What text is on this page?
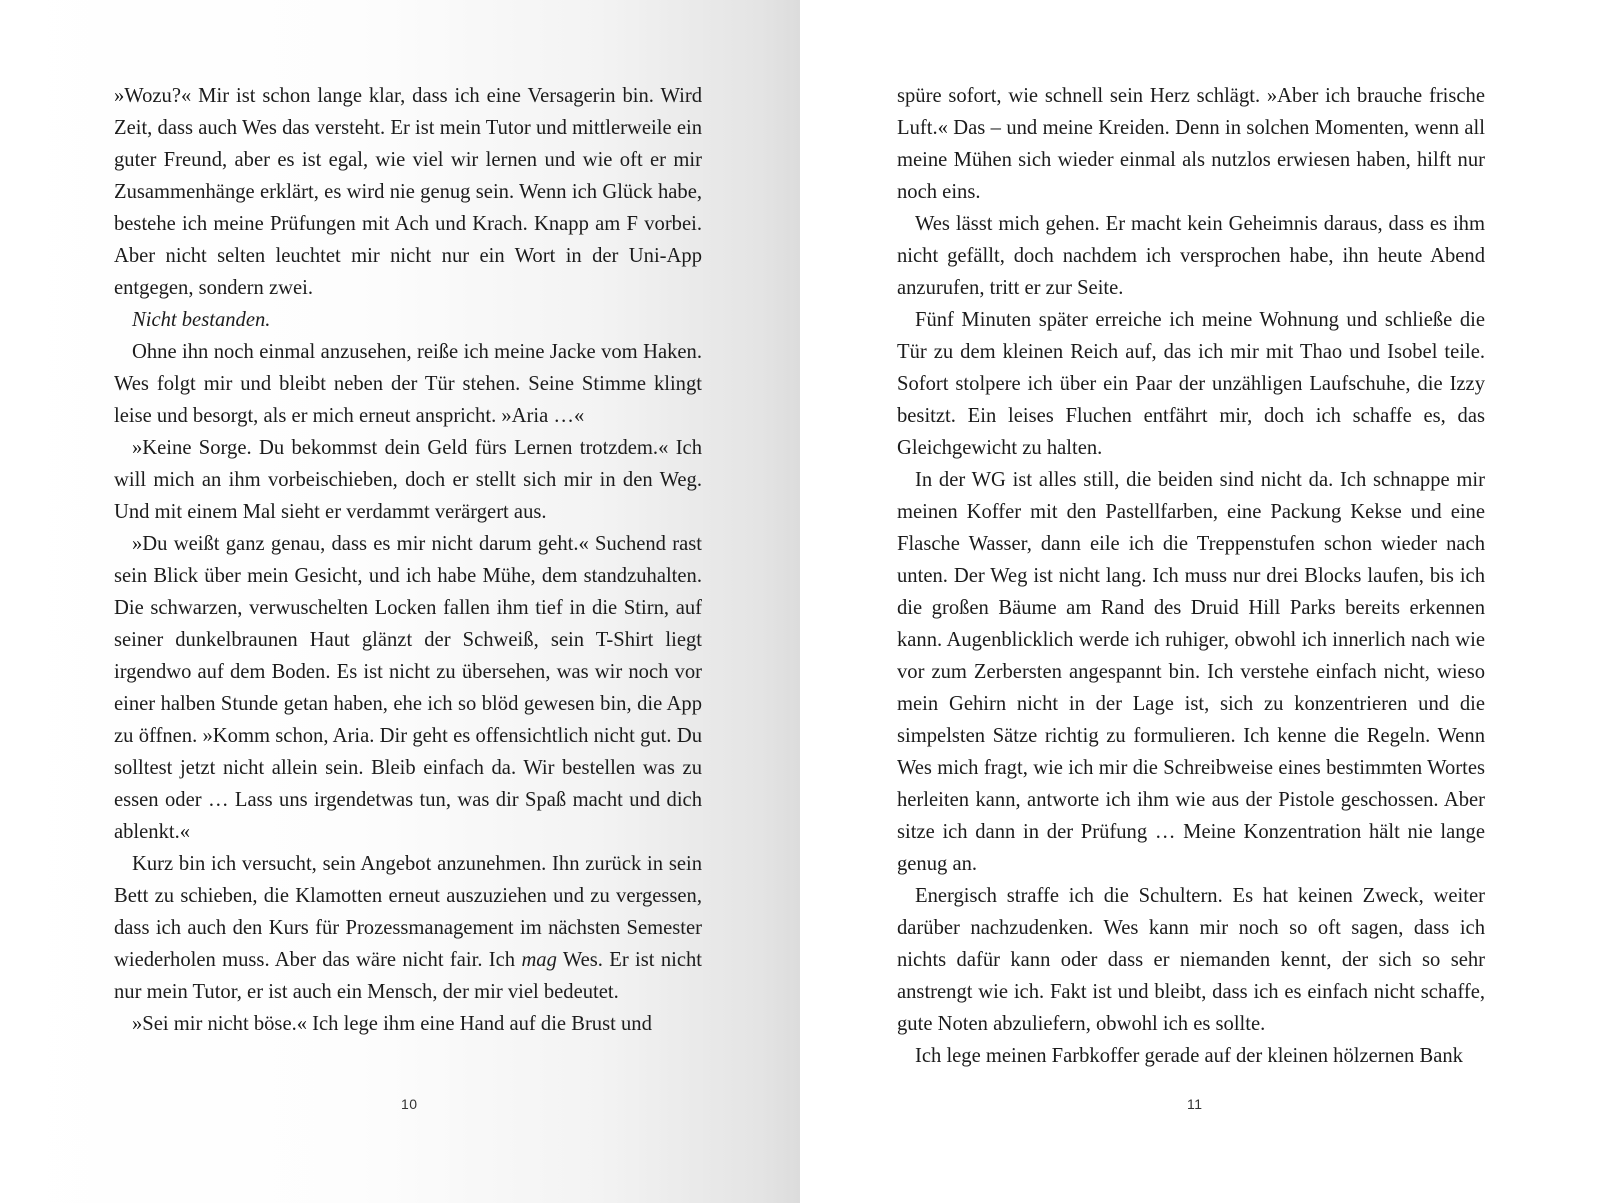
»Wozu?« Mir ist schon lange klar, dass ich eine Versagerin bin. Wird Zeit, dass auch Wes das versteht. Er ist mein Tutor und mittlerweile ein guter Freund, aber es ist egal, wie viel wir lernen und wie oft er mir Zusammenhänge erklärt, es wird nie genug sein. Wenn ich Glück habe, bestehe ich meine Prüfungen mit Ach und Krach. Knapp am F vorbei. Aber nicht selten leuchtet mir nicht nur ein Wort in der Uni-App entgegen, sondern zwei.

Nicht bestanden.

Ohne ihn noch einmal anzusehen, reiße ich meine Jacke vom Haken. Wes folgt mir und bleibt neben der Tür stehen. Seine Stimme klingt leise und besorgt, als er mich erneut anspricht. »Aria …«

»Keine Sorge. Du bekommst dein Geld fürs Lernen trotzdem.« Ich will mich an ihm vorbeischieben, doch er stellt sich mir in den Weg. Und mit einem Mal sieht er verdammt verärgert aus.

»Du weißt ganz genau, dass es mir nicht darum geht.« Suchend rast sein Blick über mein Gesicht, und ich habe Mühe, dem standzuhalten. Die schwarzen, verwuschelten Locken fallen ihm tief in die Stirn, auf seiner dunkelbraunen Haut glänzt der Schweiß, sein T-Shirt liegt irgendwo auf dem Boden. Es ist nicht zu übersehen, was wir noch vor einer halben Stunde getan haben, ehe ich so blöd gewesen bin, die App zu öffnen. »Komm schon, Aria. Dir geht es offensichtlich nicht gut. Du solltest jetzt nicht allein sein. Bleib einfach da. Wir bestellen was zu essen oder … Lass uns irgendetwas tun, was dir Spaß macht und dich ablenkt.«

Kurz bin ich versucht, sein Angebot anzunehmen. Ihn zurück in sein Bett zu schieben, die Klamotten erneut auszuziehen und zu vergessen, dass ich auch den Kurs für Prozessmanagement im nächsten Semester wiederholen muss. Aber das wäre nicht fair. Ich mag Wes. Er ist nicht nur mein Tutor, er ist auch ein Mensch, der mir viel bedeutet.

»Sei mir nicht böse.« Ich lege ihm eine Hand auf die Brust und

10

spüre sofort, wie schnell sein Herz schlägt. »Aber ich brauche frische Luft.« Das – und meine Kreiden. Denn in solchen Momenten, wenn all meine Mühen sich wieder einmal als nutzlos erwiesen haben, hilft nur noch eins.

Wes lässt mich gehen. Er macht kein Geheimnis daraus, dass es ihm nicht gefällt, doch nachdem ich versprochen habe, ihn heute Abend anzurufen, tritt er zur Seite.

Fünf Minuten später erreiche ich meine Wohnung und schließe die Tür zu dem kleinen Reich auf, das ich mir mit Thao und Isobel teile. Sofort stolpere ich über ein Paar der unzähligen Laufschuhe, die Izzy besitzt. Ein leises Fluchen entfährt mir, doch ich schaffe es, das Gleichgewicht zu halten.

In der WG ist alles still, die beiden sind nicht da. Ich schnappe mir meinen Koffer mit den Pastellfarben, eine Packung Kekse und eine Flasche Wasser, dann eile ich die Treppenstufen schon wieder nach unten. Der Weg ist nicht lang. Ich muss nur drei Blocks laufen, bis ich die großen Bäume am Rand des Druid Hill Parks bereits erkennen kann. Augenblicklich werde ich ruhiger, obwohl ich innerlich nach wie vor zum Zerbersten angespannt bin. Ich verstehe einfach nicht, wieso mein Gehirn nicht in der Lage ist, sich zu konzentrieren und die simpelsten Sätze richtig zu formulieren. Ich kenne die Regeln. Wenn Wes mich fragt, wie ich mir die Schreibweise eines bestimmten Wortes herleiten kann, antworte ich ihm wie aus der Pistole geschossen. Aber sitze ich dann in der Prüfung … Meine Konzentration hält nie lange genug an.

Energisch straffe ich die Schultern. Es hat keinen Zweck, weiter darüber nachzudenken. Wes kann mir noch so oft sagen, dass ich nichts dafür kann oder dass er niemanden kennt, der sich so sehr anstrengt wie ich. Fakt ist und bleibt, dass ich es einfach nicht schaffe, gute Noten abzuliefern, obwohl ich es sollte.

Ich lege meinen Farbkoffer gerade auf der kleinen hölzernen Bank

11
